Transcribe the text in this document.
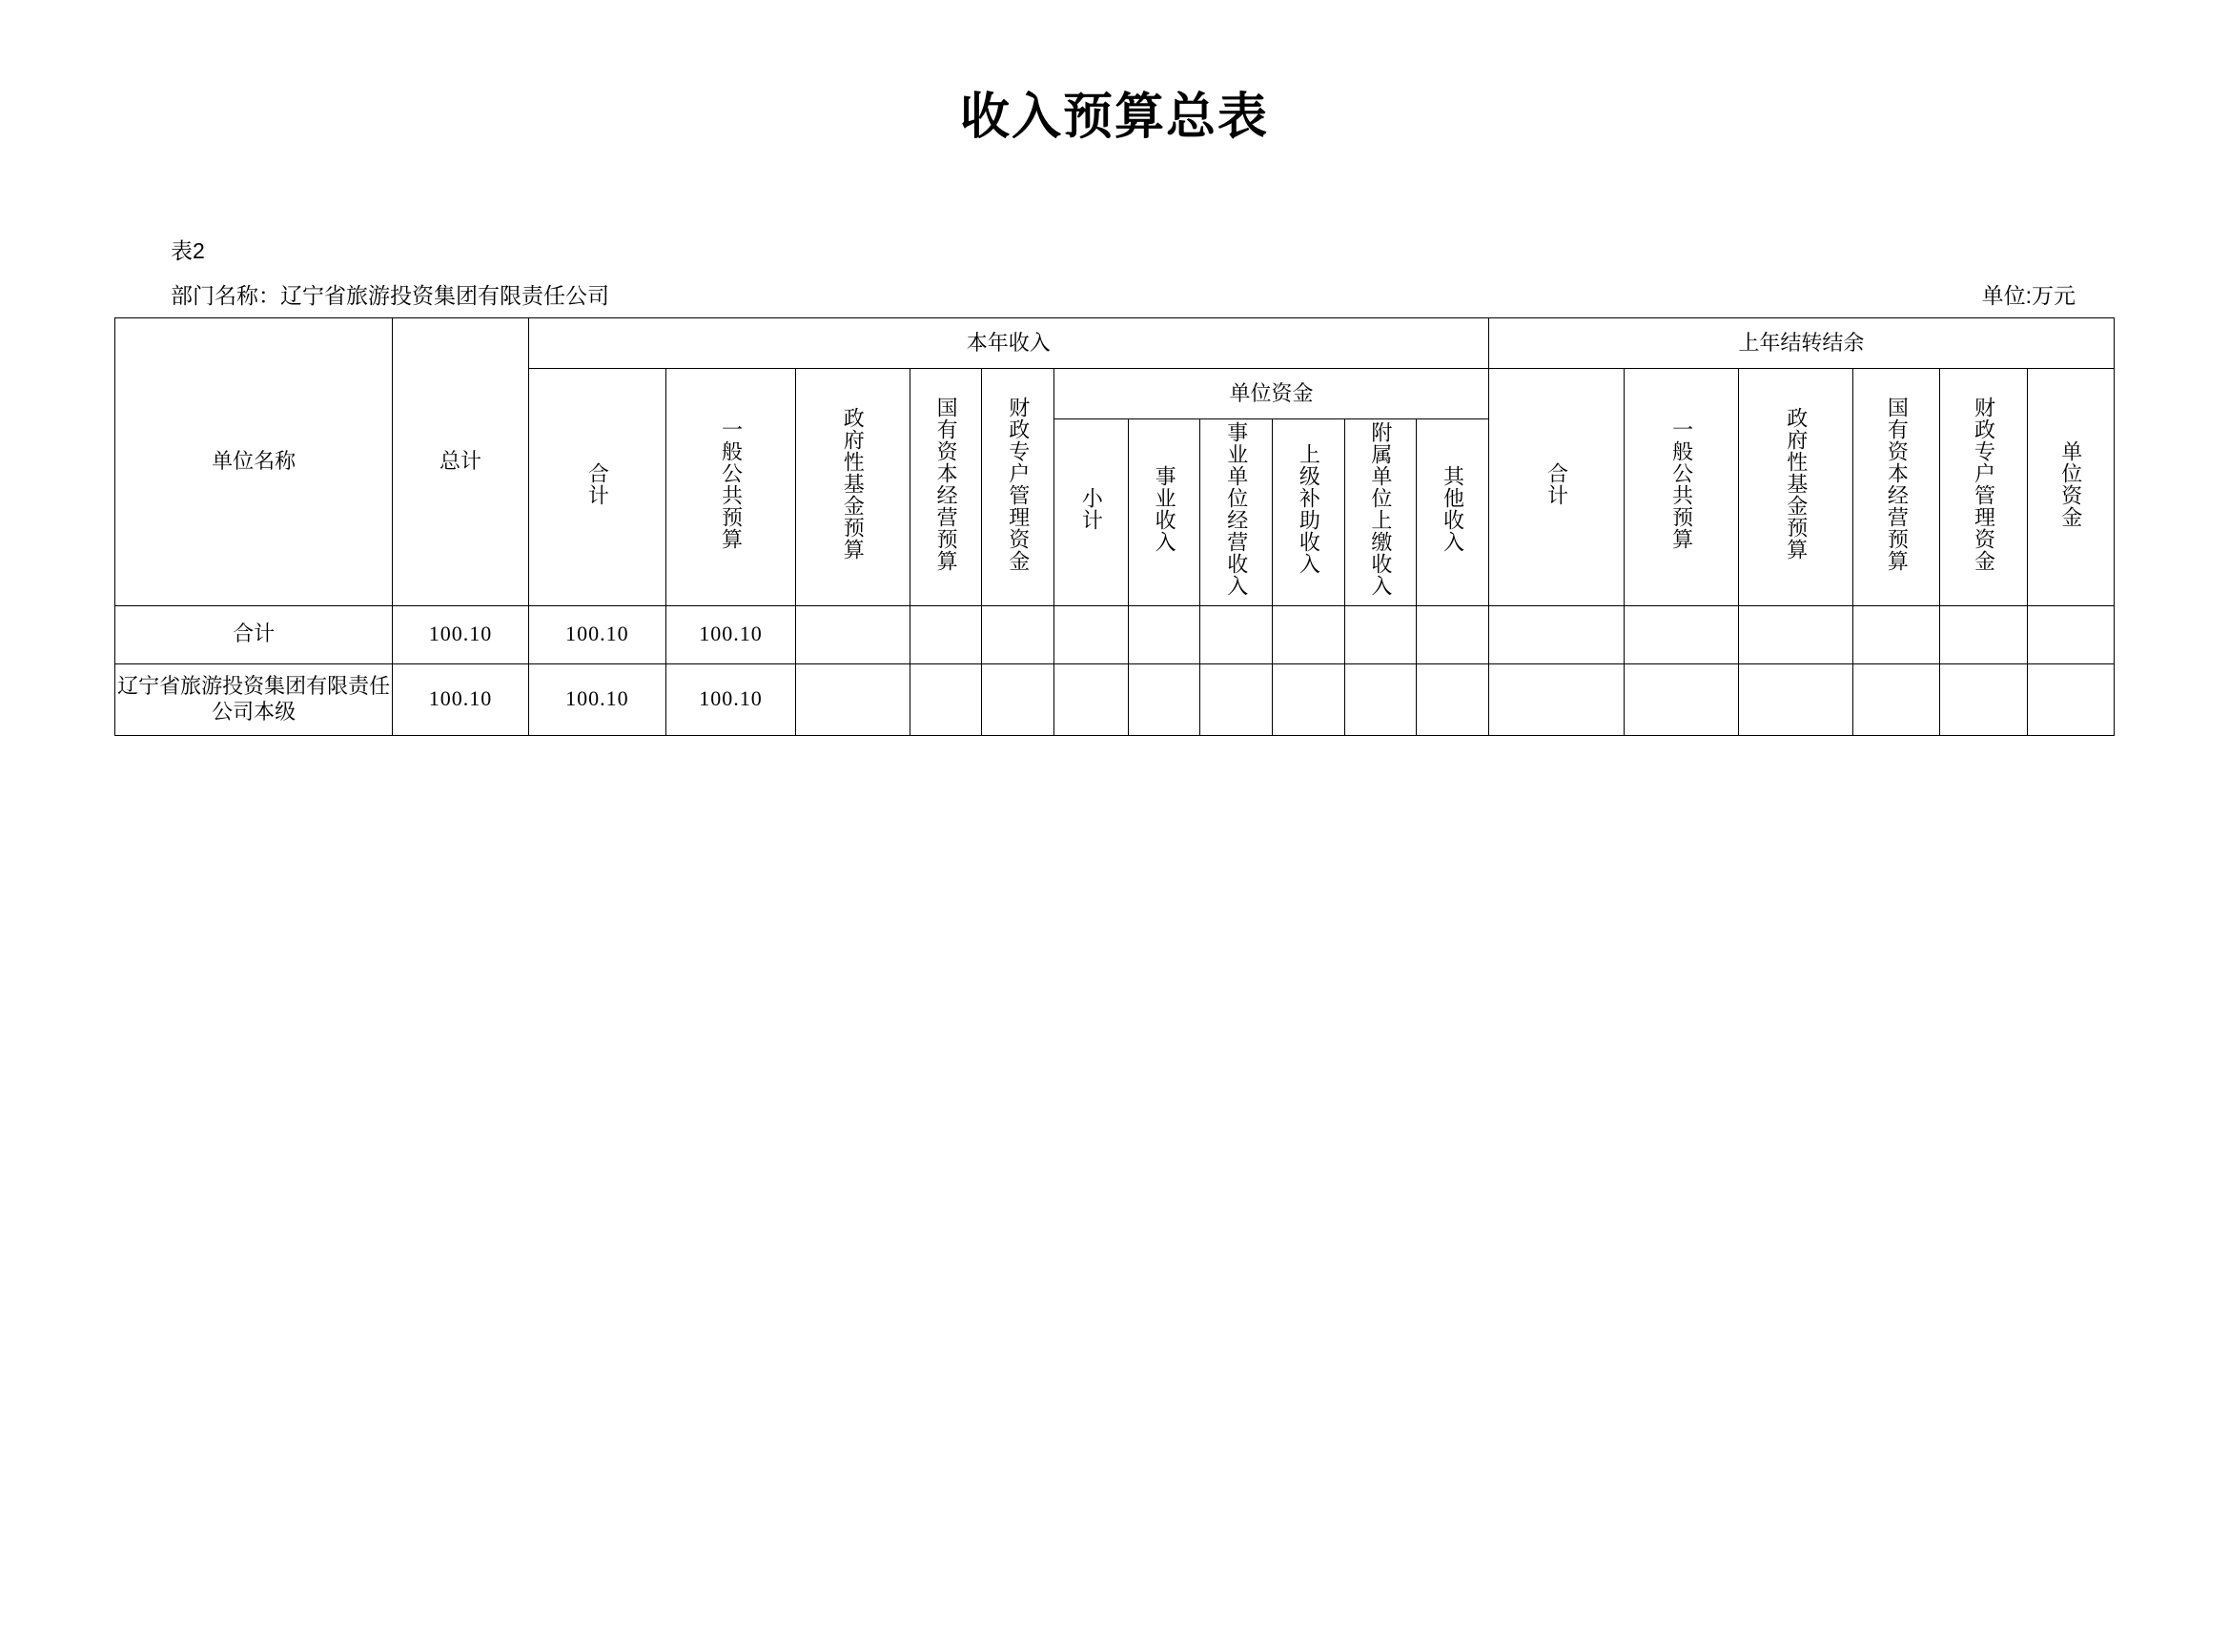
收入预算总表
表2
部门名称：辽宁省旅游投资集团有限责任公司	单位:万元
单位名称	总计	本年收入											上年结转结余					
		合计	一般公共预算	政府性基金预算	国有资本经营预算	财政专户管理资金	单位资金						合计	一般公共预算	政府性基金预算	国有资本经营预算	财政专户管理资金	单位资金
							小计	事业收入	事业单位经营收入	上级补助收入	附属单位上缴收入	其他收入						

合计	100.10	100.10	100.10															
辽宁省旅游投资集团有限责任公司本级	100.10	100.10	100.10															
